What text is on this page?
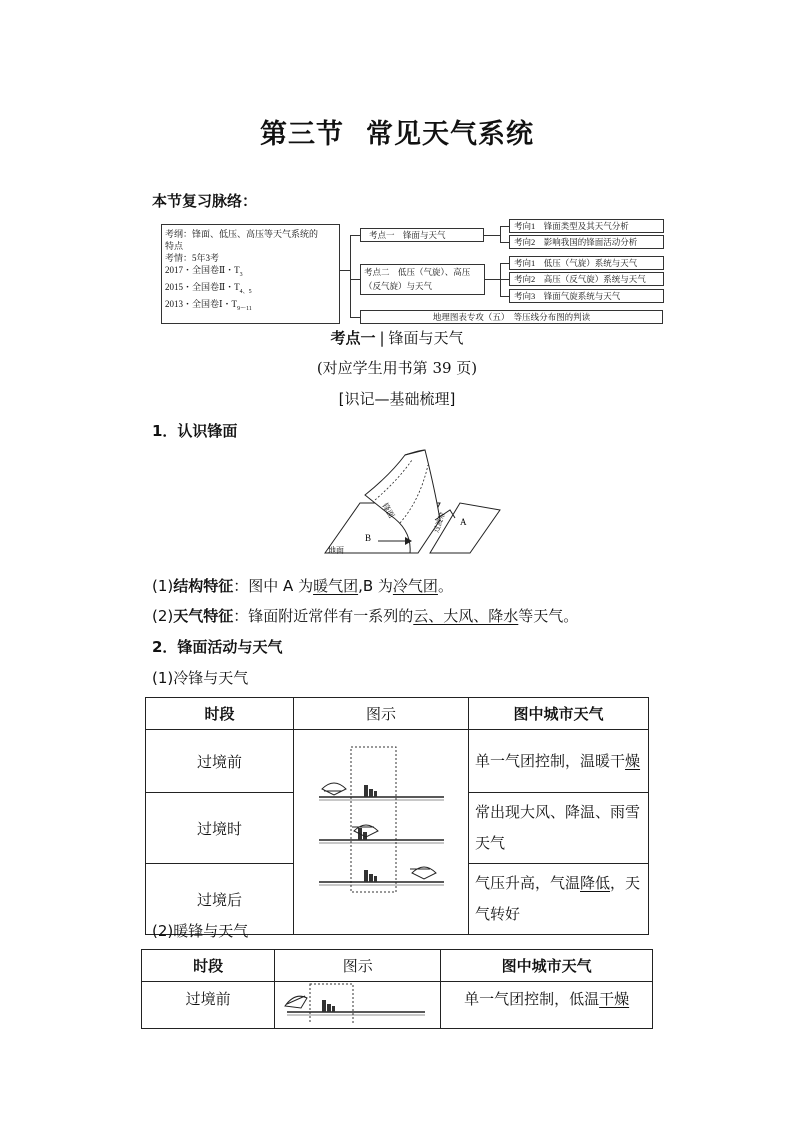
第三节 常见天气系统
本节复习脉络：
考纲：锋面、低压、高压等天气系统的
特点
考情：5年3考
2017・全国卷Ⅱ・$T_3$
2015・全国卷Ⅱ・$T_{4、5}$
2013・全国卷Ⅰ・$T_{9\sim 11}$
考点一　锋面与天气
考点二　低压（气旋）、高压
（反气旋）与天气
地理图表专攻（五）　等压线分布图的判读
考向1　锋面类型及其天气分析
考向2　影响我国的锋面活动分析
考向1　低压（气旋）系统与天气
考向2　高压（反气旋）系统与天气
考向3　锋面气旋系统与天气
考点一 | 锋面与天气
(对应学生用书第 39 页)
[识记—基础梳理]
1．认识锋面
B
A
地面
锋面
过渡带
(1)结构特征：图中 A 为暖气团,B 为冷气团。
(2)天气特征：锋面附近常伴有一系列的云、大风、降水等天气。
2．锋面活动与天气
(1)冷锋与天气
时段	图示	图中城市天气
过境前		单一气团控制，温暖干燥
过境时		常出现大风、降温、雨雪天气
过境后		气压升高，气温降低，天气转好
(2)暖锋与天气
时段	图示	图中城市天气
过境前		单一气团控制，低温干燥
